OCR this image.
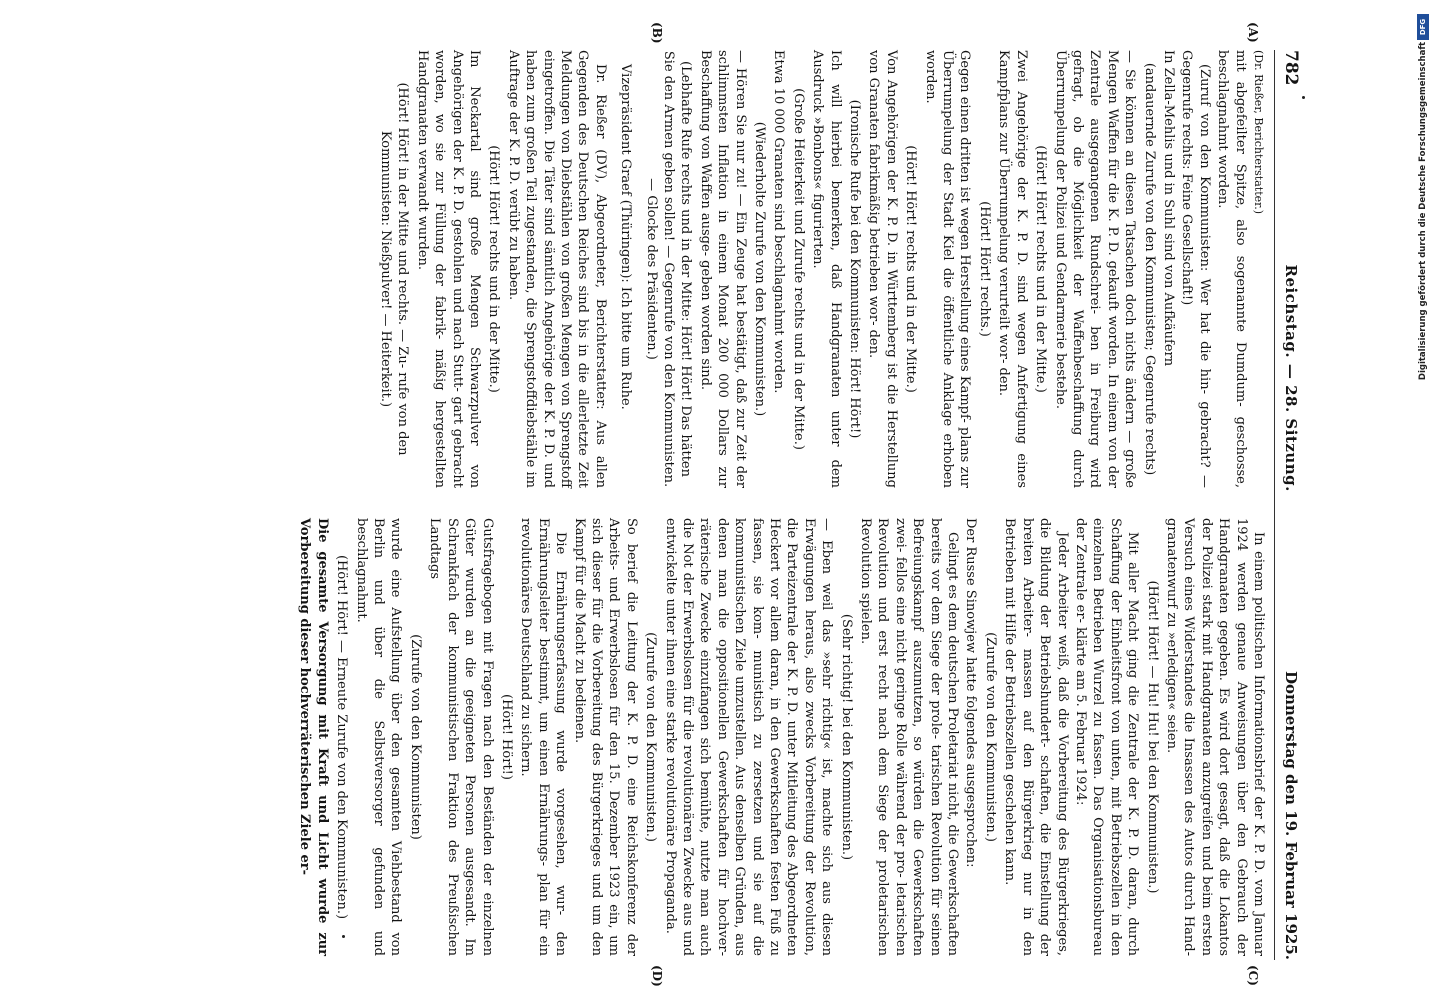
782
Reichstag. — 28. Sitzung.
Donnerstag den 19. Februar 1925.
(A)
(B)
(C)
(D)

(Dr. Rießer, Berichterstatter.)

mit abgefeilter Spitze, also sogenannte Dumdum- geschosse, beschlagnahmt worden.

(Zuruf von den Kommunisten: Wer hat die hin- gebracht? — Gegenrufe rechts: Feine Gesellschaft!)

In Zella-Mehlis und in Suhl sind von Aufkäufern

(andauernde Zurufe von den Kommunisten; Gegenrufe rechts)

— Sie können an diesen Tatsachen doch nichts ändern — große Mengen Waffen für die K. P. D. gekauft worden. In einem von der Zentrale ausgegangenen Rundschrei- ben in Freiburg wird gefragt, ob die Möglichkeit der Waffenbeschaffung durch Überrumpelung der Polizei und Gendarmerie bestehe.

(Hört! Hört! rechts und in der Mitte.)

Zwei Angehörige der K. P. D. sind wegen Anfertigung eines Kampfplans zur Überrumpelung verurteilt wor- den.

(Hört! Hört! rechts.)

Gegen einen dritten ist wegen Herstellung eines Kampf- plans zur Überrumpelung der Stadt Kiel die öffentliche Anklage erhoben worden.

(Hört! Hört! rechts und in der Mitte.)

Von Angehörigen der K. P. D. in Württemberg ist die Herstellung von Granaten fabrikmäßig betrieben wor- den.

(Ironische Rufe bei den Kommunisten: Hört! Hört!)

Ich will hierbei bemerken, daß Handgranaten unter dem Ausdruck »Bonbons« figurierten.

(Große Heiterkeit und Zurufe rechts und in der Mitte.)

Etwa 10 000 Granaten sind beschlagnahmt worden.

(Wiederholte Zurufe von den Kommunisten.)

— Hören Sie nur zu! — Ein Zeuge hat bestätigt, daß zur Zeit der schlimmsten Inflation in einem Monat 200 000 Dollars zur Beschaffung von Waffen ausge- geben worden sind.

(Lebhafte Rufe rechts und in der Mitte: Hört! Hört! Das hätten Sie den Armen geben sollen! — Gegenrufe von den Kommunisten. — Glocke des Präsidenten.)

Vizepräsident Graef (Thüringen): Ich bitte um Ruhe.

Dr. Rießer (DV), Abgeordneter, Berichterstatter: Aus allen Gegenden des Deutschen Reiches sind bis in die allerletzte Zeit Meldungen von Diebstählen von großen Mengen von Sprengstoff eingetroffen. Die Täter sind sämtlich Angehörige der K. P. D. und haben zum großen Teil zugestanden, die Sprengstoffdiebstähle im Auftrage der K. P. D. verübt zu haben.

(Hört! Hört! rechts und in der Mitte.)

Im Neckartal sind große Mengen Schwarzpulver von Angehörigen der K. P. D. gestohlen und nach Stutt- gart gebracht worden, wo sie zur Füllung der fabrik- mäßig hergestellten Handgranaten verwandt wurden.

(Hört! Hört! in der Mitte und rechts. — Zu- rufe von den Kommunisten: Nießpulver! — Heiterkeit.)

In einem politischen Informationsbrief der K. P. D. vom Januar 1924 werden genaue Anweisungen über den Gebrauch der Handgranaten gegeben. Es wird dort gesagt, daß die Lokantos der Polizei stark mit Handgranaten anzugreifen und beim ersten Versuch eines Widerstandes die Insassen des Autos durch Hand- granatenwurf zu »erledigen« seien.

(Hört! Hört! — Hu! Hu! bei den Kommunisten.)

Mit aller Macht ging die Zentrale der K. P. D. daran, durch Schaffung der Einheitsfront von unten, mit Betriebszellen in den einzelnen Betrieben Wurzel zu fassen. Das Organisationsbureau der Zentrale er- klärte am 5. Februar 1924:

Jeder Arbeiter weiß, daß die Vorbereitung des Bürgerkrieges, die Bildung der Betriebshundert- schaften, die Einstellung der breiten Arbeiter- massen auf den Bürgerkrieg nur in den Betrieben mit Hilfe der Betriebszellen geschehen kann.

(Zurufe von den Kommunisten.)

Der Russe Sinowjew hatte folgendes ausgesprochen:

Gelingt es dem deutschen Proletariat nicht, die Gewerkschaften bereits vor dem Siege der prole- tarischen Revolution für seinen Befreiungskampf auszunutzen, so würden die Gewerkschaften zwei- fellos eine nicht geringe Rolle während der pro- letarischen Revolution und erst recht nach dem Siege der proletarischen Revolution spielen.

(Sehr richtig! bei den Kommunisten.)

— Eben weil das »sehr richtig« ist, machte sich aus diesen Erwägungen heraus, also zwecks Vorbereitung der Revolution, die Parteizentrale der K. P. D. unter Mitleitung des Abgeordneten Heckert vor allem daran, in den Gewerkschaften festen Fuß zu fassen, sie kom- munistisch zu zersetzen und sie auf die kommunistischen Ziele umzustellen. Aus denselben Gründen, aus denen man die oppositionellen Gewerkschaften für hochver- räterische Zwecke einzufangen sich bemühte, nutzte man auch die Not der Erwerbslosen für die revolutionären Zwecke aus und entwickelte unter ihnen eine starke revolutionäre Propaganda.

(Zurufe von den Kommunisten.)

So berief die Leitung der K. P. D. eine Reichskonferenz der Arbeits- und Erwerbslosen für den 15. Dezember 1923 ein, um sich dieser für die Vorbereitung des Bürgerkrieges und um den Kampf für die Macht zu bedienen.

Die Ernährungserfassung wurde vorgesehen, wur- den Ernährungsleiter bestimmt, um einen Ernährungs- plan für ein revolutionäres Deutschland zu sichern.

(Hört! Hört!)

Gutsfragebogen mit Fragen nach den Beständen der einzelnen Güter wurden an die geeigneten Personen ausgesandt. Im Schrankfach der kommunistischen Fraktion des Preußischen Landtags

(Zurufe von den Kommunisten)

wurde eine Aufstellung über den gesamten Viehbestand von Berlin und über die Selbstversorger gefunden und beschlagnahmt.

(Hört! Hört! — Erneute Zurufe von den Kommunisten.)

Die gesamte Versorgung mit Kraft und Licht wurde zur Vorbereitung dieser hochverräterischen Ziele er-

DFG
Digitalisierung gefördert durch die Deutsche Forschungsgemeinschaft
